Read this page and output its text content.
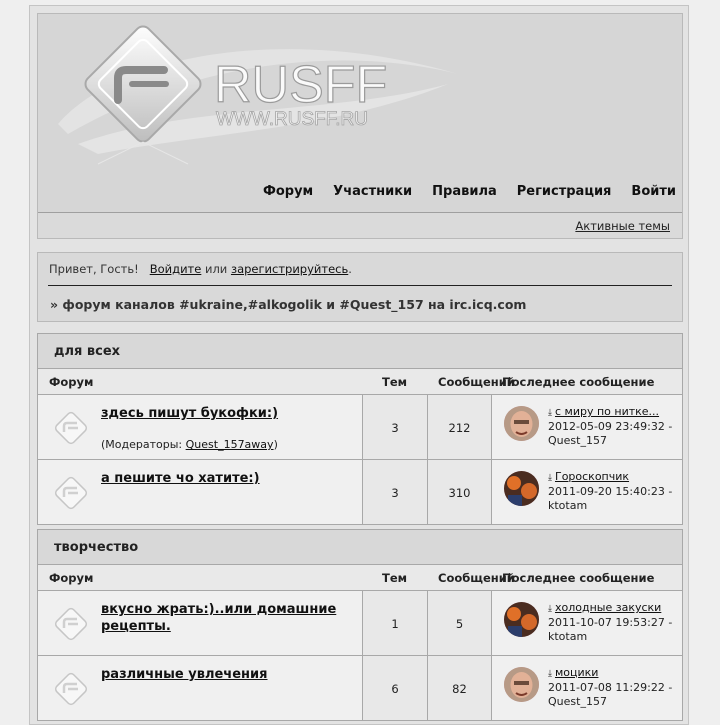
RUSFF
WWW.RUSFF.RU
Форум Участники Правила Регистрация Войти
Активные темы
Привет, Гость! Войдите или зарегистрируйтесь.
» форум каналов #ukraine,#alkogolik и #Quest_157 на irc.icq.com
для всех
Форум	Тем	Сообщений
Последнее сообщение
здесь пишут букофки:)
(Модераторы: Quest_157away)
3	212
⤓ с миру по нитке...
2012-05-09 23:49:32 -
Quest_157
а пешите чо хатите:)
3	310
⤓ Гороскопчик
2011-09-20 15:40:23 -
ktotam
творчество
Форум	Тем	Сообщений
Последнее сообщение
вкусно жрать:)..или домашние рецепты.	1	5
⤓ холодные закуски
2011-10-07 19:53:27 -
ktotam
различные увлечения
6	82
⤓ моцики
2011-07-08 11:29:22 -
Quest_157
